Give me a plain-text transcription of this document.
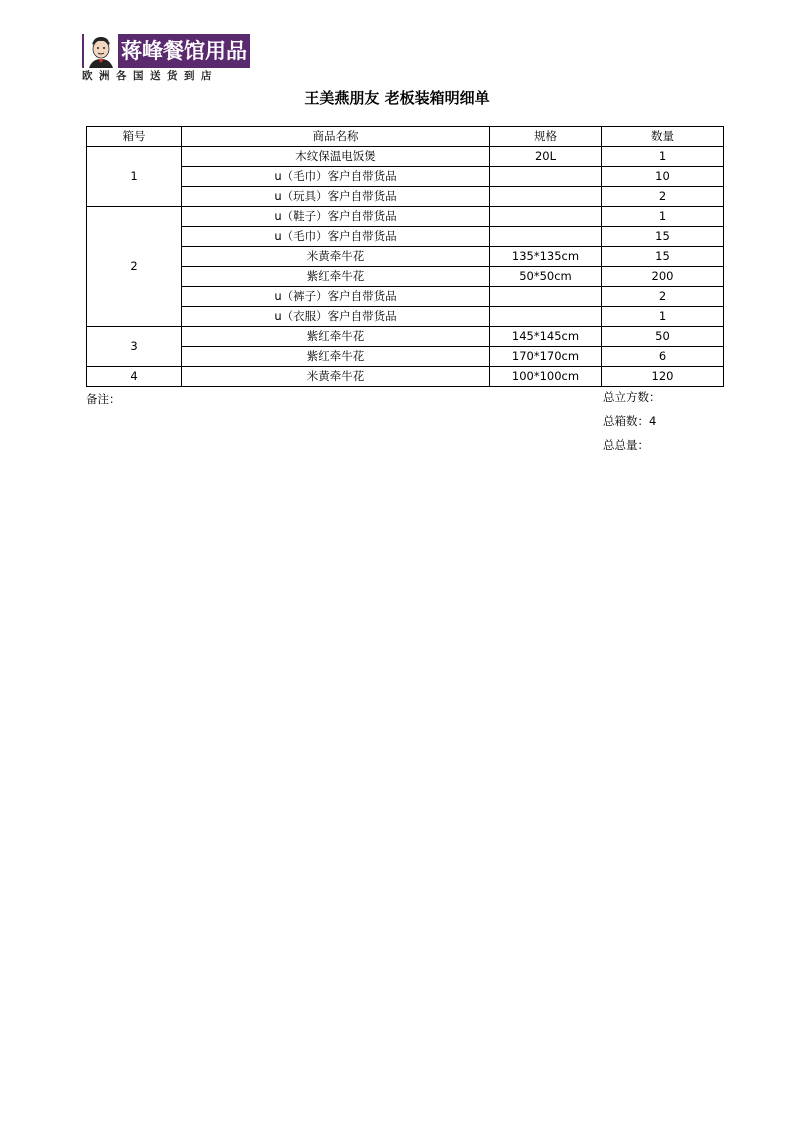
蒋峰餐馆用品
欧洲各国送货到店
王美燕朋友 老板装箱明细单
箱号	商品名称	规格	数量
1	木纹保温电饭煲	20L	1
	u（毛巾）客户自带货品		10
	u（玩具）客户自带货品		2
2	u（鞋子）客户自带货品		1
	u（毛巾）客户自带货品		15
	米黄牵牛花	135*135cm	15
	紫红牵牛花	50*50cm	200
	u（裤子）客户自带货品		2
	u（衣服）客户自带货品		1
3	紫红牵牛花	145*145cm	50
	紫红牵牛花	170*170cm	6
4	米黄牵牛花	100*100cm	120
备注：	总立方数：
总箱数：4
总总量：
